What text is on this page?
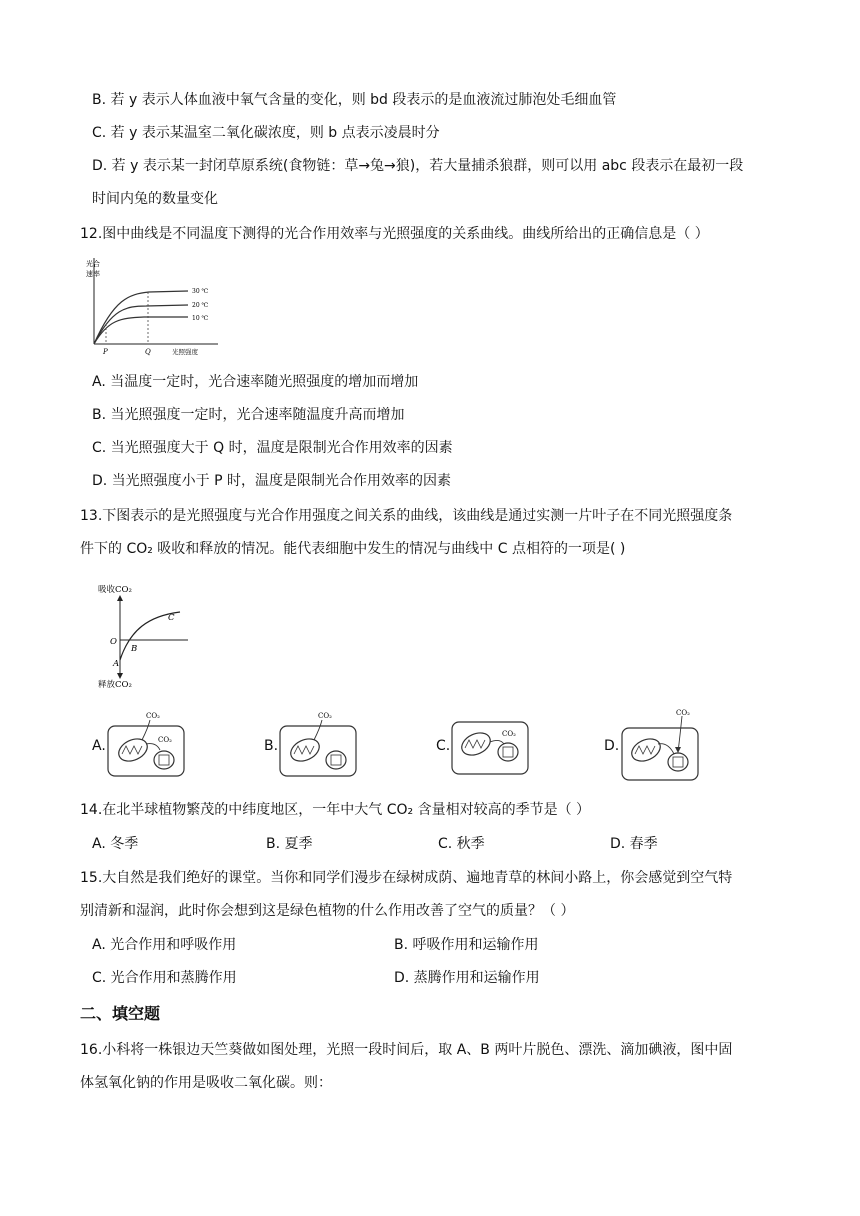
B. 若 y 表示人体血液中氧气含量的变化，则 bd 段表示的是血液流过肺泡处毛细血管
C. 若 y 表示某温室二氧化碳浓度，则 b 点表示凌晨时分
D. 若 y 表示某一封闭草原系统(食物链：草→兔→狼)，若大量捕杀狼群，则可以用 abc 段表示在最初一段
时间内兔的数量变化
12.图中曲线是不同温度下测得的光合作用效率与光照强度的关系曲线。曲线所给出的正确信息是（ ）
光合
速率
30 ℃
20 ℃
10 ℃
P	Q	光照强度
A. 当温度一定时，光合速率随光照强度的增加而增加
B. 当光照强度一定时，光合速率随温度升高而增加
C. 当光照强度大于 Q 时，温度是限制光合作用效率的因素
D. 当光照强度小于 P 时，温度是限制光合作用效率的因素
13.下图表示的是光照强度与光合作用强度之间关系的曲线，该曲线是通过实测一片叶子在不同光照强度条
件下的 CO₂ 吸收和释放的情况。能代表细胞中发生的情况与曲线中 C 点相符的一项是( )
吸收CO₂
释放CO₂
O
A
B
C
A.
CO₂
CO₂	B.
CO₂
C.
CO₂
D.
CO₂
14.在北半球植物繁茂的中纬度地区，一年中大气 CO₂ 含量相对较高的季节是（ ）
A. 冬季	B. 夏季	C. 秋季	D. 春季
15.大自然是我们绝好的课堂。当你和同学们漫步在绿树成荫、遍地青草的林间小路上，你会感觉到空气特
别清新和湿润，此时你会想到这是绿色植物的什么作用改善了空气的质量？（ ）
A. 光合作用和呼吸作用	B. 呼吸作用和运输作用
C. 光合作用和蒸腾作用	D. 蒸腾作用和运输作用
二、填空题
16.小科将一株银边天竺葵做如图处理，光照一段时间后，取 A、B 两叶片脱色、漂洗、滴加碘液，图中固
体氢氧化钠的作用是吸收二氧化碳。则：
